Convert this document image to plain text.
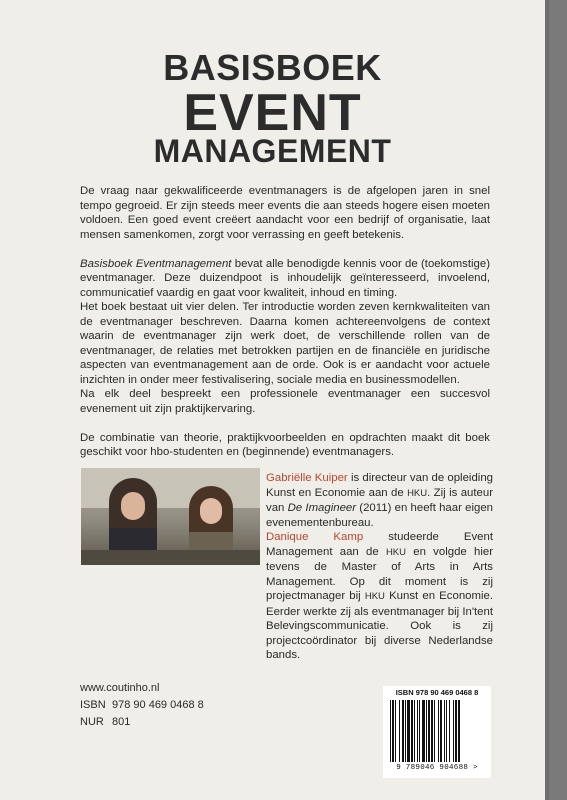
BASISBOEK
EVENT
MANAGEMENT

De vraag naar gekwalificeerde eventmanagers is de afgelopen jaren in snel tempo gegroeid. Er zijn steeds meer events die aan steeds hogere eisen moeten voldoen. Een goed event creëert aandacht voor een bedrijf of organisatie, laat mensen samenkomen, zorgt voor verrassing en geeft betekenis.

Basisboek Eventmanagement bevat alle benodigde kennis voor de (toekomstige) eventmanager. Deze duizendpoot is inhoudelijk geïnteresseerd, invoelend, communicatief vaardig en gaat voor kwaliteit, inhoud en timing.

Het boek bestaat uit vier delen. Ter introductie worden zeven kernkwaliteiten van de eventmanager beschreven. Daarna komen achtereenvolgens de context waarin de eventmanager zijn werk doet, de verschillende rollen van de eventmanager, de relaties met betrokken partijen en de financiële en juridische aspecten van eventmanagement aan de orde. Ook is er aandacht voor actuele inzichten in onder meer festivalisering, sociale media en businessmodellen.

Na elk deel bespreekt een professionele eventmanager een succesvol evenement uit zijn praktijkervaring.

De combinatie van theorie, praktijkvoorbeelden en opdrachten maakt dit boek geschikt voor hbo-studenten en (beginnende) eventmanagers.

Gabriëlle Kuiper is directeur van de opleiding Kunst en Economie aan de HKU. Zij is auteur van De Imagineer (2011) en heeft haar eigen evenementenbureau.
Danique Kamp studeerde Event Management aan de HKU en volgde hier tevens de Master of Arts in Arts Management. Op dit moment is zij projectmanager bij HKU Kunst en Economie. Eerder werkte zij als eventmanager bij In'tent Belevingscommunicatie. Ook is zij projectcoördinator bij diverse Nederlandse bands.
www.coutinho.nl
ISBN 978 90 469 0468 8
NUR 801
ISBN 978 90 469 0468 8
9 789046 904688 >
